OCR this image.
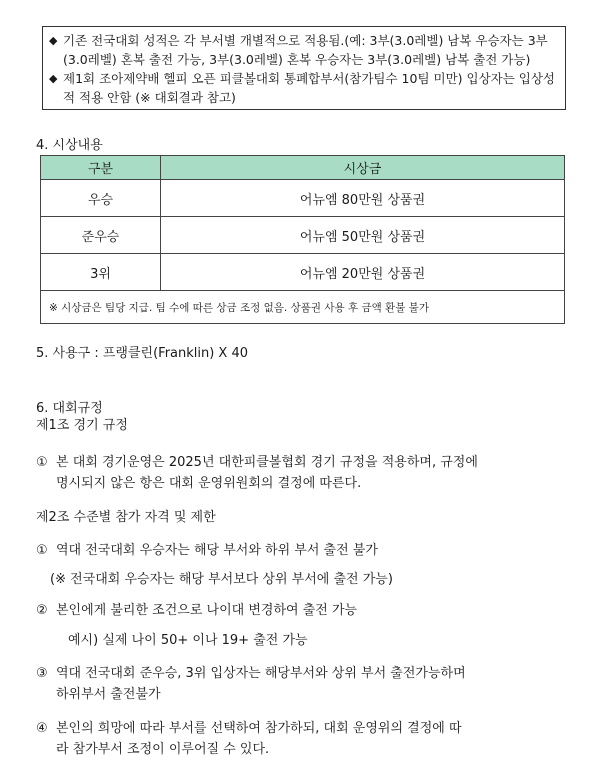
◆ 기존 전국대회 성적은 각 부서별 개별적으로 적용됨.(예: 3부(3.0레벨) 남복 우승자는 3부(3.0레벨) 혼복 출전 가능, 3부(3.0레벨) 혼복 우승자는 3부(3.0레벨) 남복 출전 가능)
◆ 제1회 조아제약배 헬피 오픈 피클볼대회 통폐합부서(참가팀수 10팀 미만) 입상자는 입상성적 적용 안함 (※ 대회결과 참고)
4. 시상내용
구분	시상금
우승	어뉴엠 80만원 상품권
준우승	어뉴엠 50만원 상품권
3위	어뉴엠 20만원 상품권
※ 시상금은 팀당 지급. 팀 수에 따른 상금 조정 없음. 상품권 사용 후 금액 환불 불가	
5. 사용구 : 프랭클린(Franklin) X 40
6. 대회규정
제1조 경기 규정
① 본 대회 경기운영은 2025년 대한피클볼협회 경기 규정을 적용하며, 규정에
명시되지 않은 항은 대회 운영위원회의 결정에 따른다.
제2조 수준별 참가 자격 및 제한
① 역대 전국대회 우승자는 해당 부서와 하위 부서 출전 불가
(※ 전국대회 우승자는 해당 부서보다 상위 부서에 출전 가능)
② 본인에게 불리한 조건으로 나이대 변경하여 출전 가능
예시) 실제 나이 50+ 이나 19+ 출전 가능
③ 역대 전국대회 준우승, 3위 입상자는 해당부서와 상위 부서 출전가능하며
하위부서 출전불가
④ 본인의 희망에 따라 부서를 선택하여 참가하되, 대회 운영위의 결정에 따
라 참가부서 조정이 이루어질 수 있다.
